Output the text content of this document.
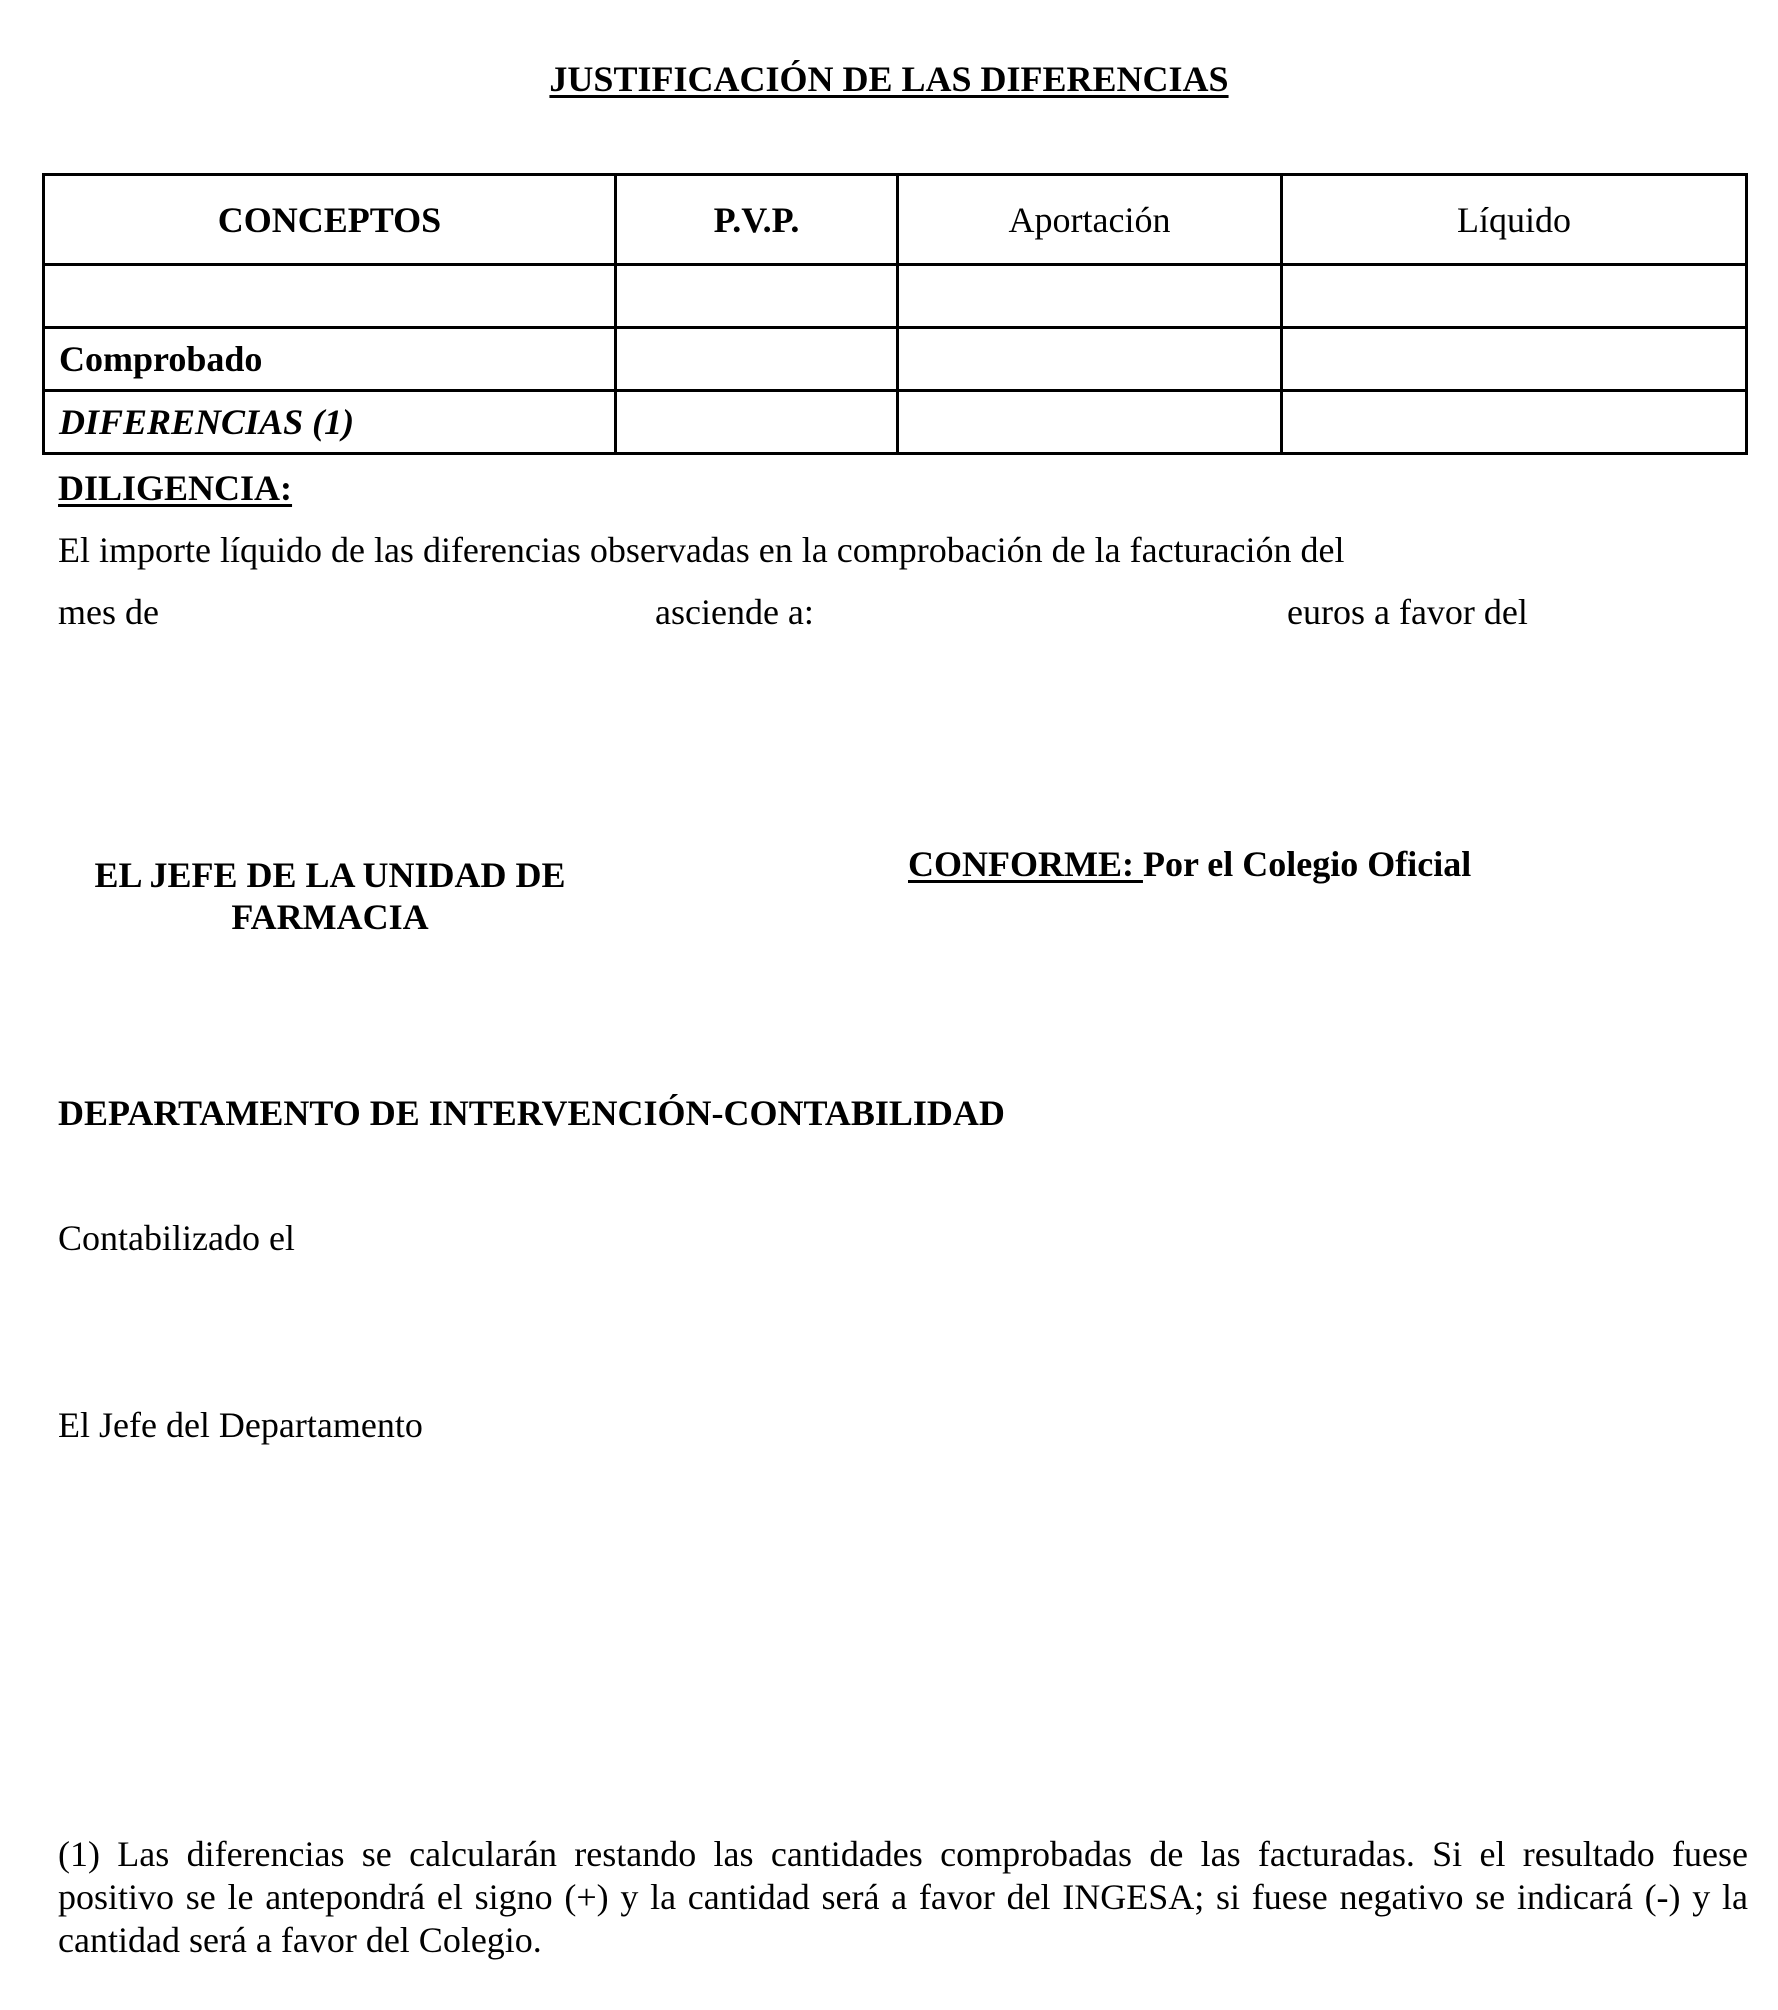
JUSTIFICACIÓN DE LAS DIFERENCIAS
CONCEPTOS	P.V.P.	Aportación	Líquido

Comprobado			
DIFERENCIAS (1)			
DILIGENCIA:
El importe líquido de las diferencias observadas en la comprobación de la facturación del
mes de	asciende a:	euros a favor del
EL JEFE DE LA UNIDAD DE FARMACIA
CONFORME: Por el Colegio Oficial
DEPARTAMENTO DE INTERVENCIÓN-CONTABILIDAD
Contabilizado el
El Jefe del Departamento
(1) Las diferencias se calcularán restando las cantidades comprobadas de las facturadas. Si el resultado fuese positivo se le antepondrá el signo (+) y la cantidad será a favor del INGESA; si fuese negativo se indicará (-) y la cantidad será a favor del Colegio.
